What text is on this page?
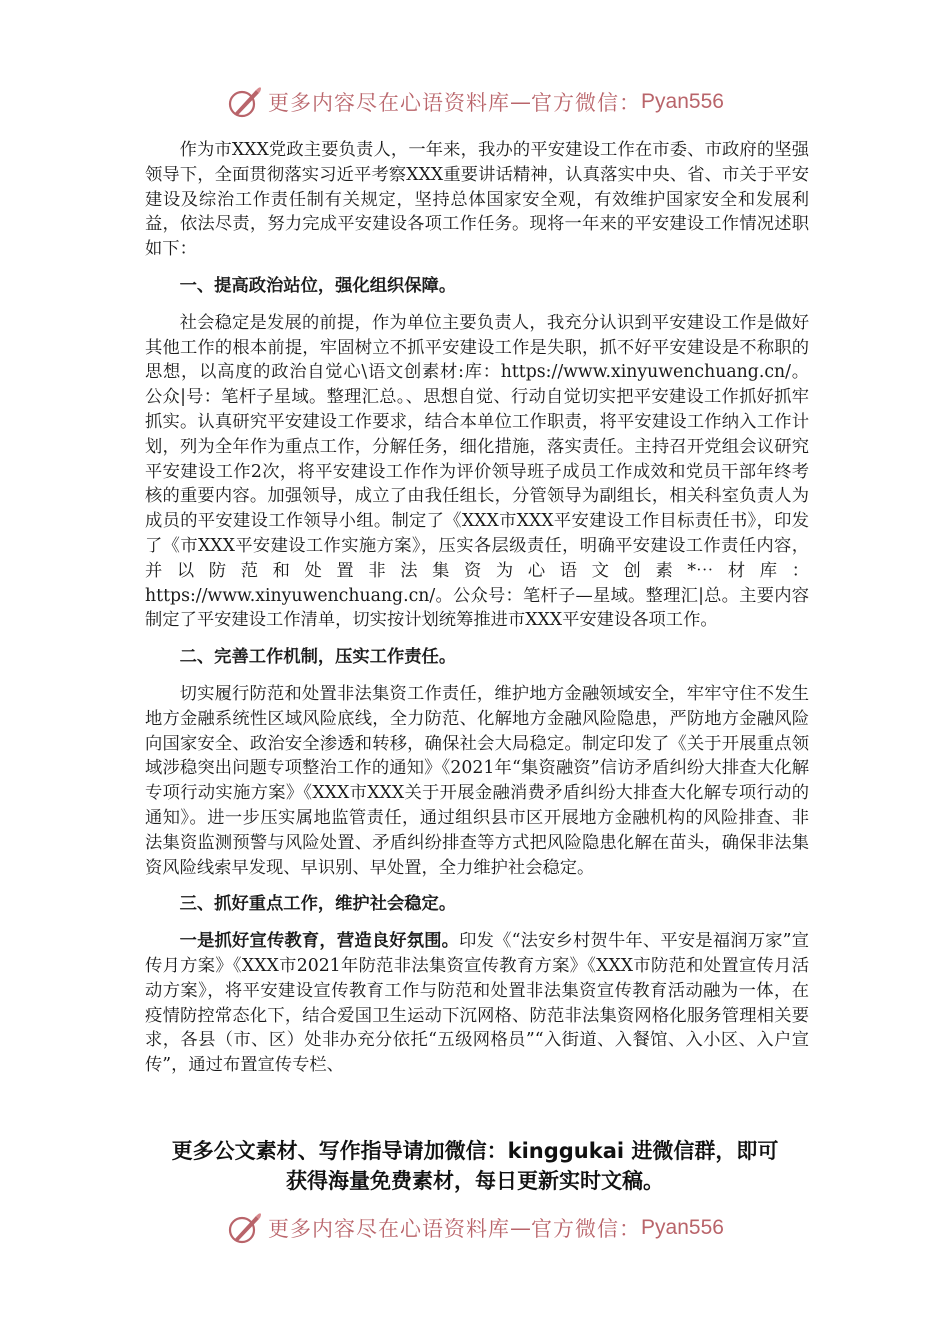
更多内容尽在心语资料库 — 官方微信： Pyan556

作为市XXX党政主要负责人，一年来，我办的平安建设工作在市委、市政府的坚强领导下，全面贯彻落实习近平考察XXX重要讲话精神，认真落实中央、省、市关于平安建设及综治工作责任制有关规定，坚持总体国家安全观，有效维护国家安全和发展利益，依法尽责，努力完成平安建设各项工作任务。现将一年来的平安建设工作情况述职如下：

一、提高政治站位，强化组织保障。

社会稳定是发展的前提，作为单位主要负责人，我充分认识到平安建设工作是做好其他工作的根本前提，牢固树立不抓平安建设工作是失职，抓不好平安建设是不称职的思想，以高度的政治自觉心\语文创素材:库：https://www.xinyuwenchuang.cn/。公众|号：笔杆子星域。整理汇总。、思想自觉、行动自觉切实把平安建设工作抓好抓牢抓实。认真研究平安建设工作要求，结合本单位工作职责，将平安建设工作纳入工作计划，列为全年作为重点工作，分解任务，细化措施，落实责任。主持召开党组会议研究平安建设工作2次，将平安建设工作作为评价领导班子成员工作成效和党员干部年终考核的重要内容。加强领导，成立了由我任组长，分管领导为副组长，相关科室负责人为成员的平安建设工作领导小组。制定了《XXX市XXX平安建设工作目标责任书》，印发了《市XXX平安建设工作实施方案》，压实各层级责任，明确平安建设工作责任内容，并以防范和处置非法集资为心语文创素*⋯材库：https://www.xinyuwenchuang.cn/。公众号：笔杆子—星域。整理汇|总。主要内容制定了平安建设工作清单，切实按计划统筹推进市XXX平安建设各项工作。

二、完善工作机制，压实工作责任。

切实履行防范和处置非法集资工作责任，维护地方金融领域安全，牢牢守住不发生地方金融系统性区域风险底线，全力防范、化解地方金融风险隐患，严防地方金融风险向国家安全、政治安全渗透和转移，确保社会大局稳定。制定印发了《关于开展重点领域涉稳突出问题专项整治工作的通知》《2021年“集资融资”信访矛盾纠纷大排查大化解专项行动实施方案》《XXX市XXX关于开展金融消费矛盾纠纷大排查大化解专项行动的通知》。进一步压实属地监管责任，通过组织县市区开展地方金融机构的风险排查、非法集资监测预警与风险处置、矛盾纠纷排查等方式把风险隐患化解在苗头，确保非法集资风险线索早发现、早识别、早处置，全力维护社会稳定。

三、抓好重点工作，维护社会稳定。

一是抓好宣传教育，营造良好氛围。印发《“法安乡村贺牛年、平安是福润万家”宣传月方案》《XXX市2021年防范非法集资宣传教育方案》《XXX市防范和处置宣传月活动方案》，将平安建设宣传教育工作与防范和处置非法集资宣传教育活动融为一体，在疫情防控常态化下，结合爱国卫生运动下沉网格、防范非法集资网格化服务管理相关要求，各县（市、区）处非办充分依托“五级网格员”“入街道、入餐馆、入小区、入户宣传”，通过布置宣传专栏、

更多公文素材、写作指导请加微信：kinggukai 进微信群，即可
获得海量免费素材，每日更新实时文稿。
更多内容尽在心语资料库 — 官方微信： Pyan556
